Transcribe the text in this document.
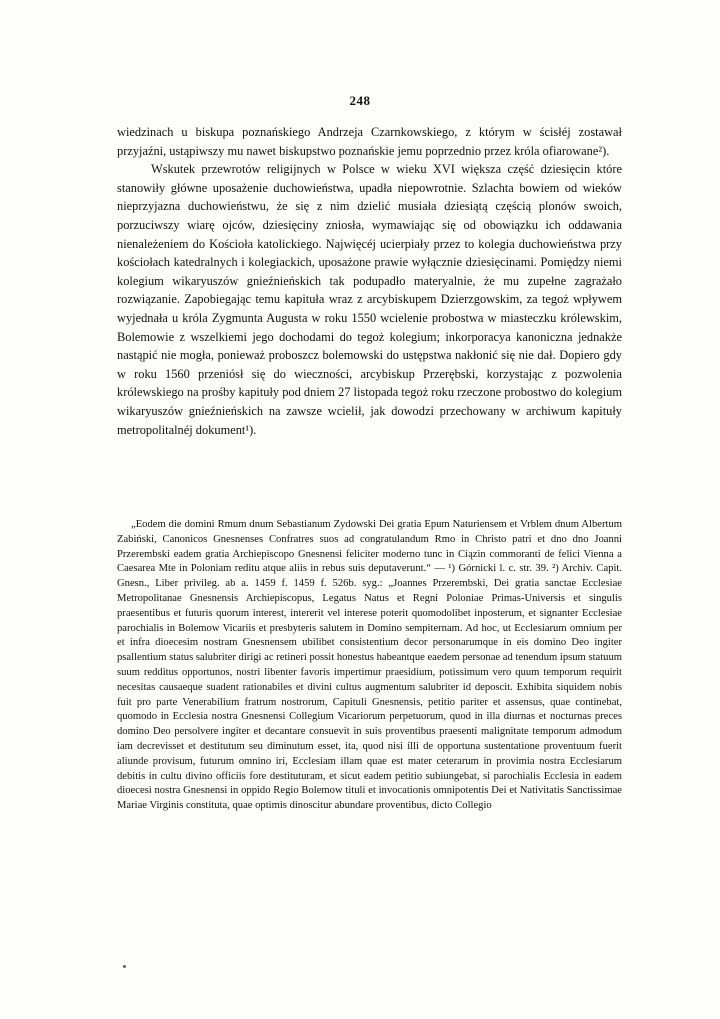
248

wiedzinach u biskupa poznańskiego Andrzeja Czarnkowskiego, z którym w ścisłéj zostawał przyjaźni, ustąpiwszy mu nawet biskupstwo poznańskie jemu poprzednio przez króla ofiarowane²).

Wskutek przewrotów religijnych w Polsce w wieku XVI większa część dziesięcin które stanowiły główne uposażenie duchowieństwa, upadła niepowrotnie. Szlachta bowiem od wieków nieprzyjazna duchowieństwu, że się z nim dzielić musiała dziesiątą częścią plonów swoich, porzuciwszy wiarę ojców, dziesięciny zniosła, wymawiając się od obowiązku ich oddawania nienależeniem do Kościoła katolickiego. Najwięcéj ucierpiały przez to kolegia duchowieństwa przy kościołach katedralnych i kolegiackich, uposażone prawie wyłącznie dziesięcinami. Pomiędzy niemi kolegium wikaryuszów gnieźnieńskich tak podupadło materyalnie, że mu zupełne zagrażało rozwiązanie. Zapobiegając temu kapituła wraz z arcybiskupem Dzierzgowskim, za tegoż wpływem wyjednała u króla Zygmunta Augusta w roku 1550 wcielenie probostwa w miasteczku królewskim, Bolemowie z wszelkiemi jego dochodami do tegoż kolegium; inkorporacya kanoniczna jednakże nastąpić nie mogła, ponieważ proboszcz bolemowski do ustępstwa nakłonić się nie dał. Dopiero gdy w roku 1560 przeniósł się do wieczności, arcybiskup Przerębski, korzystając z pozwolenia królewskiego na prośby kapituły pod dniem 27 listopada tegoż roku rzeczone probostwo do kolegium wikaryuszów gnieźnieńskich na zawsze wcielił, jak dowodzi przechowany w archiwum kapituły metropolitalnéj dokument¹).

„Eodem die domini Rmum dnum Sebastianum Zydowski Dei gratia Epum Naturiensem et Vrblem dnum Albertum Zabiński, Canonicos Gnesnenses Confratres suos ad congratulandum Rmo in Christo patri et dno dno Joanni Przerembski eadem gratia Archiepiscopo Gnesnensi feliciter moderno tunc in Ciązin commoranti de felici Vienna a Caesarea Mte in Poloniam reditu atque aliis in rebus suis deputaverunt.“ — ¹) Górnicki l. c. str. 39. ²) Archiv. Capit. Gnesn., Liber privileg. ab a. 1459 f. 1459 f. 526b. syg.: „Joannes Przerembski, Dei gratia sanctae Ecclesiae Metropolitanae Gnesnensis Archiepiscopus, Legatus Natus et Regni Poloniae Primas-Universis et singulis praesentibus et futuris quorum interest, intererit vel interese poterit quomodolibet inposterum, et signanter Ecclesiae parochialis in Bolemow Vicariis et presbyteris salutem in Domino sempiternam. Ad hoc, ut Ecclesiarum omnium per et infra dioecesim nostram Gnesnensem ubilibet consistentium decor personarumque in eis domino Deo ingiter psallentium status salubriter dirigi ac retineri possit honestus habeantque eaedem personae ad tenendum ipsum statuum suum redditus opportunos, nostri libenter favoris impertimur praesidium, potissimum vero quum temporum requirit necesitas causaeque suadent rationabiles et divini cultus augmentum salubriter id deposcit. Exhibita siquidem nobis fuit pro parte Venerabilium fratrum nostrorum, Capituli Gnesnensis, petitio pariter et assensus, quae continebat, quomodo in Ecclesia nostra Gnesnensi Collegium Vicariorum perpetuorum, quod in illa diurnas et nocturnas preces domino Deo persolvere ingiter et decantare consuevit in suis proventibus praesenti malignitate temporum admodum iam decrevisset et destitutum seu diminutum esset, ita, quod nisi illi de opportuna sustentatione proventuum fuerit aliunde provisum, futurum omnino iri, Ecclesiam illam quae est mater ceterarum in provimia nostra Ecclesiarum debitis in cultu divino officiis fore destituturam, et sicut eadem petitio subiungebat, si parochialis Ecclesia in eadem dioecesi nostra Gnesnensi in oppido Regio Bolemow tituli et invocationis omnipotentis Dei et Nativitatis Sanctissimae Mariae Virginis constituta, quae optimis dinoscitur abundare proventibus, dicto Collegio
